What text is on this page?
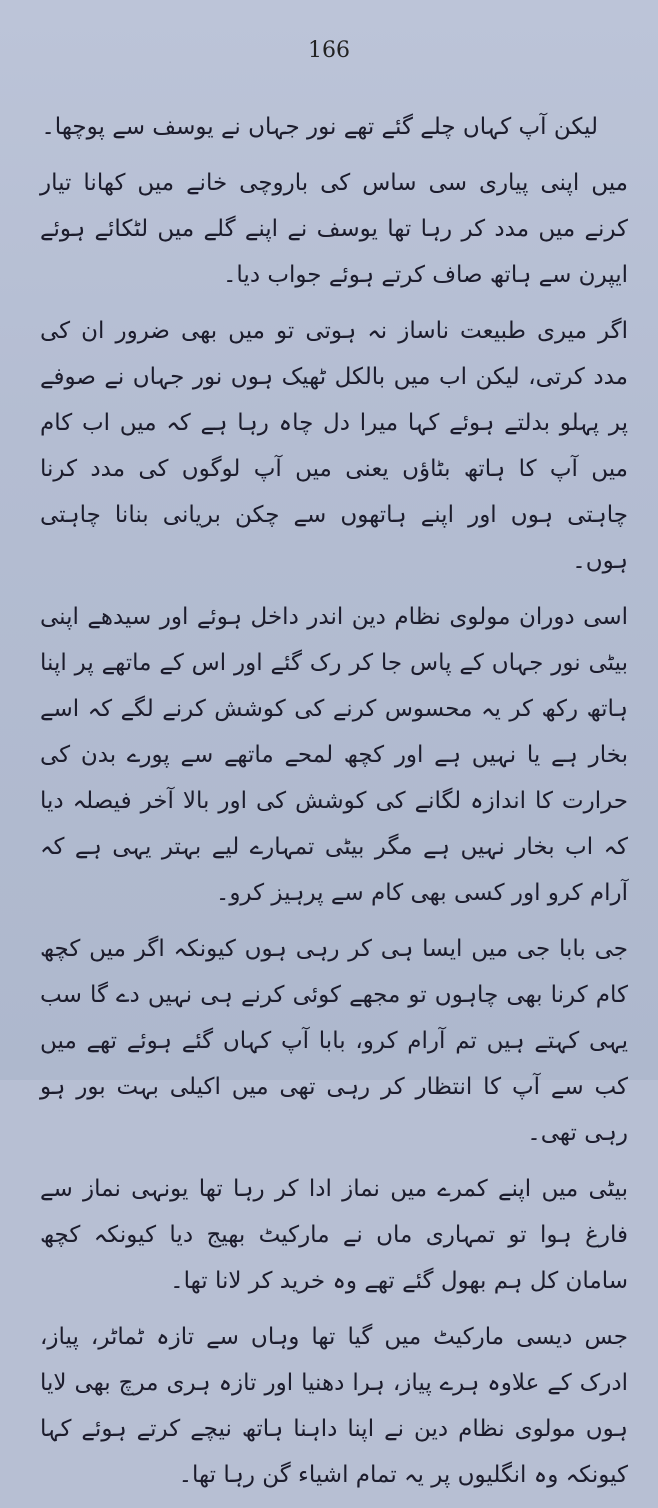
166

لیکن آپ کہاں چلے گئے تھے نور جہاں نے یوسف سے پوچھا۔

میں اپنی پیاری سی ساس کی باروچی خانے میں کھانا تیار کرنے میں مدد کر رہا تھا یوسف نے اپنے گلے میں لٹکائے ہوئے ایپرن سے ہاتھ صاف کرتے ہوئے جواب دیا۔

اگر میری طبیعت ناساز نہ ہوتی تو میں بھی ضرور ان کی مدد کرتی، لیکن اب میں بالکل ٹھیک ہوں نور جہاں نے صوفے پر پہلو بدلتے ہوئے کہا میرا دل چاہ رہا ہے کہ میں اب کام میں آپ کا ہاتھ بٹاؤں یعنی میں آپ لوگوں کی مدد کرنا چاہتی ہوں اور اپنے ہاتھوں سے چکن بریانی بنانا چاہتی ہوں۔

اسی دوران مولوی نظام دین اندر داخل ہوئے اور سیدھے اپنی بیٹی نور جہاں کے پاس جا کر رک گئے اور اس کے ماتھے پر اپنا ہاتھ رکھ کر یہ محسوس کرنے کی کوشش کرنے لگے کہ اسے بخار ہے یا نہیں ہے اور کچھ لمحے ماتھے سے پورے بدن کی حرارت کا اندازہ لگانے کی کوشش کی اور بالا آخر فیصلہ دیا کہ اب بخار نہیں ہے مگر بیٹی تمہارے لیے بہتر یہی ہے کہ آرام کرو اور کسی بھی کام سے پرہیز کرو۔

جی بابا جی میں ایسا ہی کر رہی ہوں کیونکہ اگر میں کچھ کام کرنا بھی چاہوں تو مجھے کوئی کرنے ہی نہیں دے گا سب یہی کہتے ہیں تم آرام کرو، بابا آپ کہاں گئے ہوئے تھے میں کب سے آپ کا انتظار کر رہی تھی میں اکیلی بہت بور ہو رہی تھی۔

بیٹی میں اپنے کمرے میں نماز ادا کر رہا تھا یونہی نماز سے فارغ ہوا تو تمہاری ماں نے مارکیٹ بھیج دیا کیونکہ کچھ سامان کل ہم بھول گئے تھے وہ خرید کر لانا تھا۔

جس دیسی مارکیٹ میں گیا تھا وہاں سے تازہ ٹماٹر، پیاز، ادرک کے علاوہ ہرے پیاز، ہرا دھنیا اور تازہ ہری مرچ بھی لایا ہوں مولوی نظام دین نے اپنا داہنا ہاتھ نیچے کرتے ہوئے کہا کیونکہ وہ انگلیوں پر یہ تمام اشیاء گن رہا تھا۔
